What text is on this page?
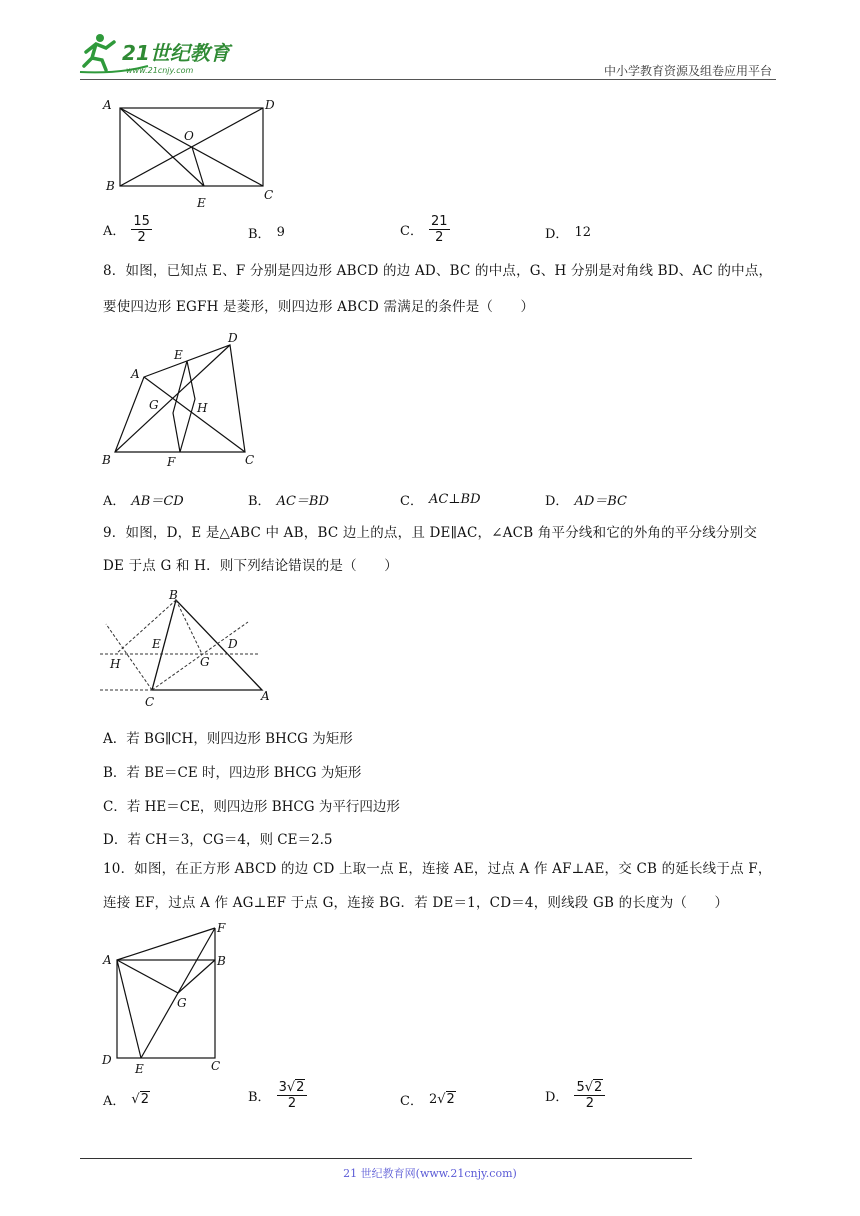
21世纪教育
www.21cnjy.com	中小学教育资源及组卷应用平台
A	D
O
B
C
E
A． $\frac{15}{2}$	B． 9	C． $\frac{21}{2}$	D． 12
8．如图，已知点 E、F 分别是四边形 ABCD 的边 AD、BC 的中点，G、H 分别是对角线 BD、AC 的中点，
要使四边形 EGFH 是菱形，则四边形 ABCD 需满足的条件是（　　）
A
E
D
G	H
B	F	C
A． AB＝CD	B． AC＝BD	C． AC⊥BD	D． AD＝BC
9．如图，D，E 是△ABC 中 AB，BC 边上的点，且 DE∥AC，∠ACB 角平分线和它的外角的平分线分别交
DE 于点 G 和 H．则下列结论错误的是（　　）
B
E	D
H	G
C	A
A．若 BG∥CH，则四边形 BHCG 为矩形
B．若 BE＝CE 时，四边形 BHCG 为矩形
C．若 HE＝CE，则四边形 BHCG 为平行四边形
D．若 CH＝3，CG＝4，则 CE＝2.5
10．如图，在正方形 ABCD 的边 CD 上取一点 E，连接 AE，过点 A 作 AF⊥AE，交 CB 的延长线于点 F，
连接 EF，过点 A 作 AG⊥EF 于点 G，连接 BG．若 DE＝1，CD＝4，则线段 GB 的长度为（　　）
F
A	B
G
D
E	C
A． √2	B． $\frac{3√2}{2}$	C． 2 √2	D． $\frac{5√2}{2}$
21 世纪教育网(www.21cnjy.com)
